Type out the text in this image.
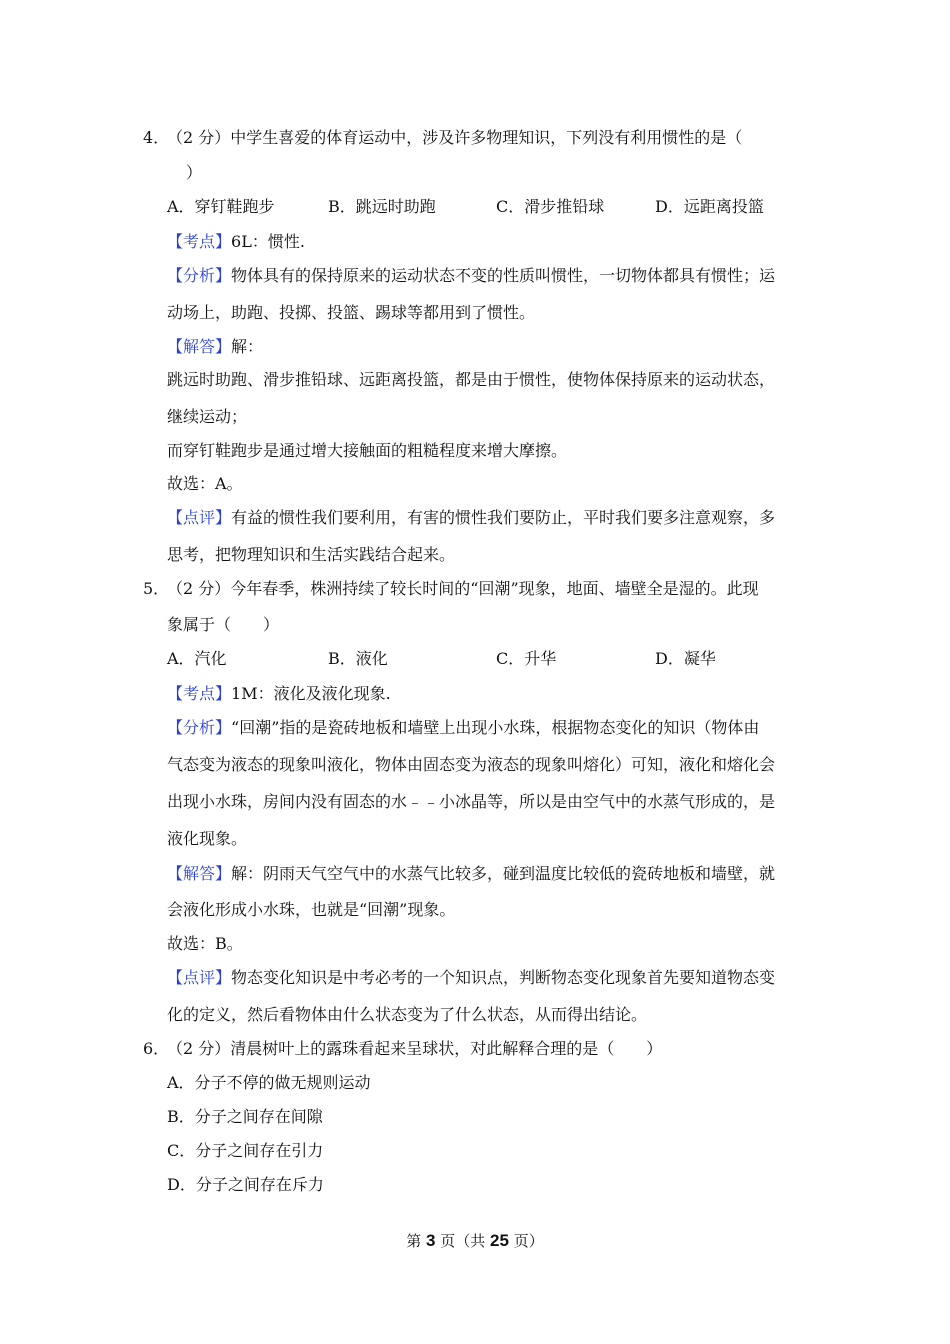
4．
（2 分）中学生喜爱的体育运动中，涉及许多物理知识，下列没有利用惯性的是（
）
A．穿钉鞋跑步	B．跳远时助跑	C．滑步推铅球	D．远距离投篮
【考点】6L：惯性.
【分析】物体具有的保持原来的运动状态不变的性质叫惯性，一切物体都具有惯性；运
动场上，助跑、投掷、投篮、踢球等都用到了惯性。
【解答】解：
跳远时助跑、滑步推铅球、远距离投篮，都是由于惯性，使物体保持原来的运动状态，
继续运动；
而穿钉鞋跑步是通过增大接触面的粗糙程度来增大摩擦。
故选：A。
【点评】有益的惯性我们要利用，有害的惯性我们要防止，平时我们要多注意观察，多
思考，把物理知识和生活实践结合起来。
5．
（2 分）今年春季，株洲持续了较长时间的“回潮”现象，地面、墙壁全是湿的。此现
象属于（　　）
A．汽化	B．液化	C．升华	D．凝华
【考点】1M：液化及液化现象.
【分析】“回潮”指的是瓷砖地板和墙壁上出现小水珠，根据物态变化的知识（物体由
气态变为液态的现象叫液化，物体由固态变为液态的现象叫熔化）可知，液化和熔化会
出现小水珠，房间内没有固态的水﹣﹣小冰晶等，所以是由空气中的水蒸气形成的，是
液化现象。
【解答】解：阴雨天气空气中的水蒸气比较多，碰到温度比较低的瓷砖地板和墙壁，就
会液化形成小水珠，也就是“回潮”现象。
故选：B。
【点评】物态变化知识是中考必考的一个知识点，判断物态变化现象首先要知道物态变
化的定义，然后看物体由什么状态变为了什么状态，从而得出结论。
6．
（2 分）清晨树叶上的露珠看起来呈球状，对此解释合理的是（　　）
A．分子不停的做无规则运动
B．分子之间存在间隙
C．分子之间存在引力
D．分子之间存在斥力
第 3 页（共 25 页）
